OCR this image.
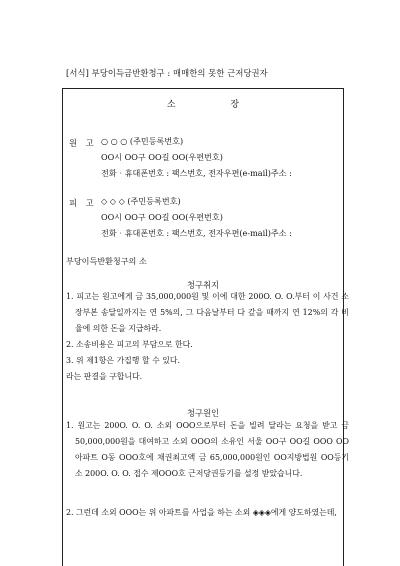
[서식] 부당이득금반환청구 : 매매한의 못한 근저당권자
소 장
원 고 ○ ○ ○ (주민등록번호)
OO시 OO구 OO길 OO(우편번호)
전화‧휴대폰번호 : 팩스번호, 전자우편(e-mail)주소 :
피 고 ◇ ◇ ◇ (주민등록번호)
OO시 OO구 OO길 OO(우편번호)
전화‧휴대폰번호 : 팩스번호, 전자우편(e-mail)주소 :
부당이득반환청구의 소
청구취지
1. 피고는 원고에게 금 35,000,000원 및 이에 대한 200O. O. O.부터 이 사건 소장부본 송달일까지는 연 5%의, 그 다음날부터 다 갚을 때까지 연 12%의 각 비율에 의한 돈을 지급하라.
2. 소송비용은 피고의 부담으로 한다.
3. 위 제1항은 가집행 할 수 있다.
라는 판결을 구합니다.
청구원인
1. 원고는 200O. O. O. 소외 OOO으로부터 돈을 빌려 달라는 요청을 받고 금 50,000,000원을 대여하고 소외 OOO의 소유인 서울 OO구 OO길 OOO OO아파트 O동 OOO호에 채권최고액 금 65,000,000원인 OO지방법원 OO등기소 200O. O. O. 접수 제OOO호 근저당권등기를 설정 받았습니다.
2. 그런데 소외 OOO는 위 아파트를 사업을 하는 소외 ◈◈◈에게 양도하였는데,
